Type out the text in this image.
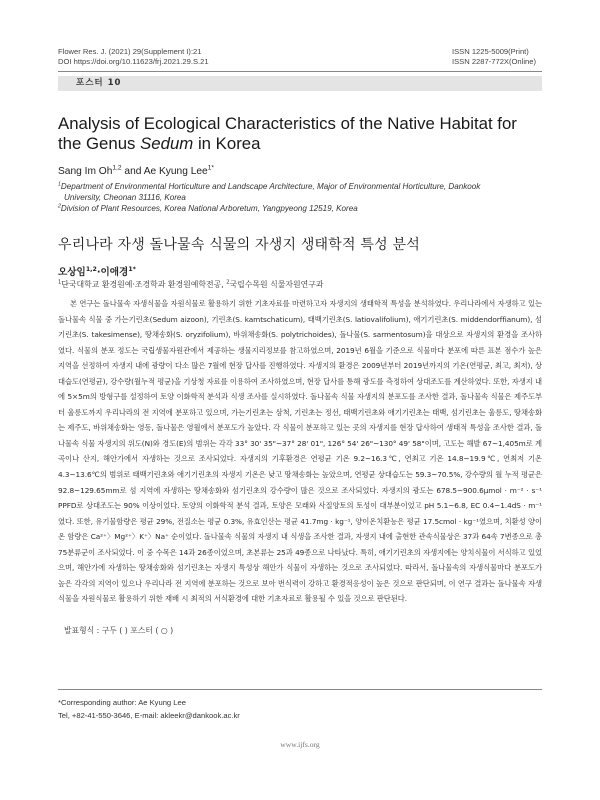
Flower Res. J. (2021) 29(Supplement I):21
DOI https://doi.org/10.11623/frj.2021.29.S.21
ISSN 1225-5009(Print)
ISSN 2287-772X(Online)
포스터 10
Analysis of Ecological Characteristics of the Native Habitat for
the Genus Sedum in Korea
Sang Im Oh$^{1,2}$ and Ae Kyung Lee$^{1*}$

$^1$Department of Environmental Horticulture and Landscape Architecture, Major of Environmental Horticulture, Dankook

University, Cheonan 31116, Korea

$^2$Division of Plant Resources, Korea National Arboretum, Yangpyeong 12519, Korea

우리나라 자생 돌나물속 식물의 자생지 생태학적 특성 분석
오상임$^{1,2}$·이애경$^{1*}$
$^1$단국대학교 환경원예·조경학과 환경원예학전공, $^2$국립수목원 식물자원연구과

본 연구는 돌나물속 자생식물을 자원식물로 활용하기 위한 기초자료를 마련하고자 자생지의 생태학적 특성을 분석하였다. 우리나라에서 자생하고 있는 돌나물속 식물 중 가는기린초(Sedum aizoon), 기린초(S. kamtschaticum), 태백기린초(S. latiovalifolium), 애기기린초(S. middendorffianum), 섬기린초(S. takesimense), 땅채송화(S. oryzifolium), 바위채송화(S. polytrichoides), 돌나물(S. sarmentosum)을 대상으로 자생지의 환경을 조사하였다. 식물의 분포 정도는 국립생물자원관에서 제공하는 생물지리정보를 참고하였으며, 2019년 6월을 기준으로 식물마다 분포에 따른 표본 점수가 높은 지역을 선정하여 자생지 내에 광량이 다소 많은 7월에 현장 답사를 진행하였다. 자생지의 환경은 2009년부터 2019년까지의 기온(연평균, 최고, 최저), 상대습도(연평균), 강수량(월누적 평균)을 기상청 자료를 이용하여 조사하였으며, 현장 답사를 통해 광도를 측정하여 상대조도를 계산하였다. 또한, 자생지 내에 5×5m의 방형구를 설정하여 토양 이화학적 분석과 식생 조사를 실시하였다. 돌나물속 식물 자생지의 분포도를 조사한 결과, 돌나물속 식물은 제주도부터 울릉도까지 우리나라의 전 지역에 분포하고 있으며, 가는기린초는 삼척, 기린초는 정선, 태백기린초와 애기기린초는 태백, 섬기린초는 울릉도, 땅채송화는 제주도, 바위채송화는 영동, 돌나물은 영월에서 분포도가 높았다. 각 식물이 분포하고 있는 곳의 자생지를 현장 답사하여 생태적 특성을 조사한 결과, 돌나물속 식물 자생지의 위도(N)와 경도(E)의 범위는 각각 33° 30' 35"~37° 28' 01", 126° 54' 26"~130° 49' 58"이며, 고도는 해발 67~1,405m로 계곡이나 산지, 해안가에서 자생하는 것으로 조사되었다. 자생지의 기후환경은 연평균 기온 9.2~16.3℃, 연최고 기온 14.8~19.9℃, 연최저 기온 4.3~13.6℃의 범위로 태백기린초와 애기기린초의 자생지 기온은 낮고 땅채송화는 높았으며, 연평균 상대습도는 59.3~70.5%, 강수량의 월 누적 평균은 92.8~129.65mm로 섬 지역에 자생하는 땅채송화와 섬기린초의 강수량이 많은 것으로 조사되었다. 자생지의 광도는 678.5~900.6μmol · m⁻² · s⁻¹ PPFD로 상대조도는 90% 이상이었다. 토양의 이화학적 분석 결과, 토양은 모래와 사질양토의 토성이 대부분이었고 pH 5.1~6.8, EC 0.4~1.4dS · m⁻¹였다. 또한, 유기물함량은 평균 29%, 전질소는 평균 0.3%, 유효인산는 평균 41.7mg · kg⁻¹, 양이온치환능은 평균 17.5cmol · kg⁻¹였으며, 치환성 양이온 함량은 Ca²⁺〉Mg²⁺〉K⁺〉Na⁺ 순이었다. 돌나물속 식물의 자생지 내 식생을 조사한 결과, 자생지 내에 출현한 관속식물상은 37과 64속 7변종으로 총 75분류군이 조사되었다. 이 중 수목은 14과 26종이었으며, 초본류는 25과 49종으로 나타났다. 특히, 애기기린초의 자생지에는 양치식물이 서식하고 있었으며, 해안가에 자생하는 땅채송화와 섬기린초는 자생지 특성상 해안가 식물이 자생하는 것으로 조사되었다. 따라서, 돌나물속의 자생식물마다 분포도가 높은 각각의 지역이 있으나 우리나라 전 지역에 분포하는 것으로 보아 번식력이 강하고 환경적응성이 높은 것으로 판단되며, 이 연구 결과는 돌나물속 자생식물을 자원식물로 활용하기 위한 재배 시 최적의 서식환경에 대한 기초자료로 활용될 수 있을 것으로 판단된다.

발표형식 : 구두 ( ) 포스터 ( ○ )

*Corresponding author: Ae Kyung Lee

Tel, +82-41-550-3646, E-mail: akleekr@dankook.ac.kr

www.ijfs.org
